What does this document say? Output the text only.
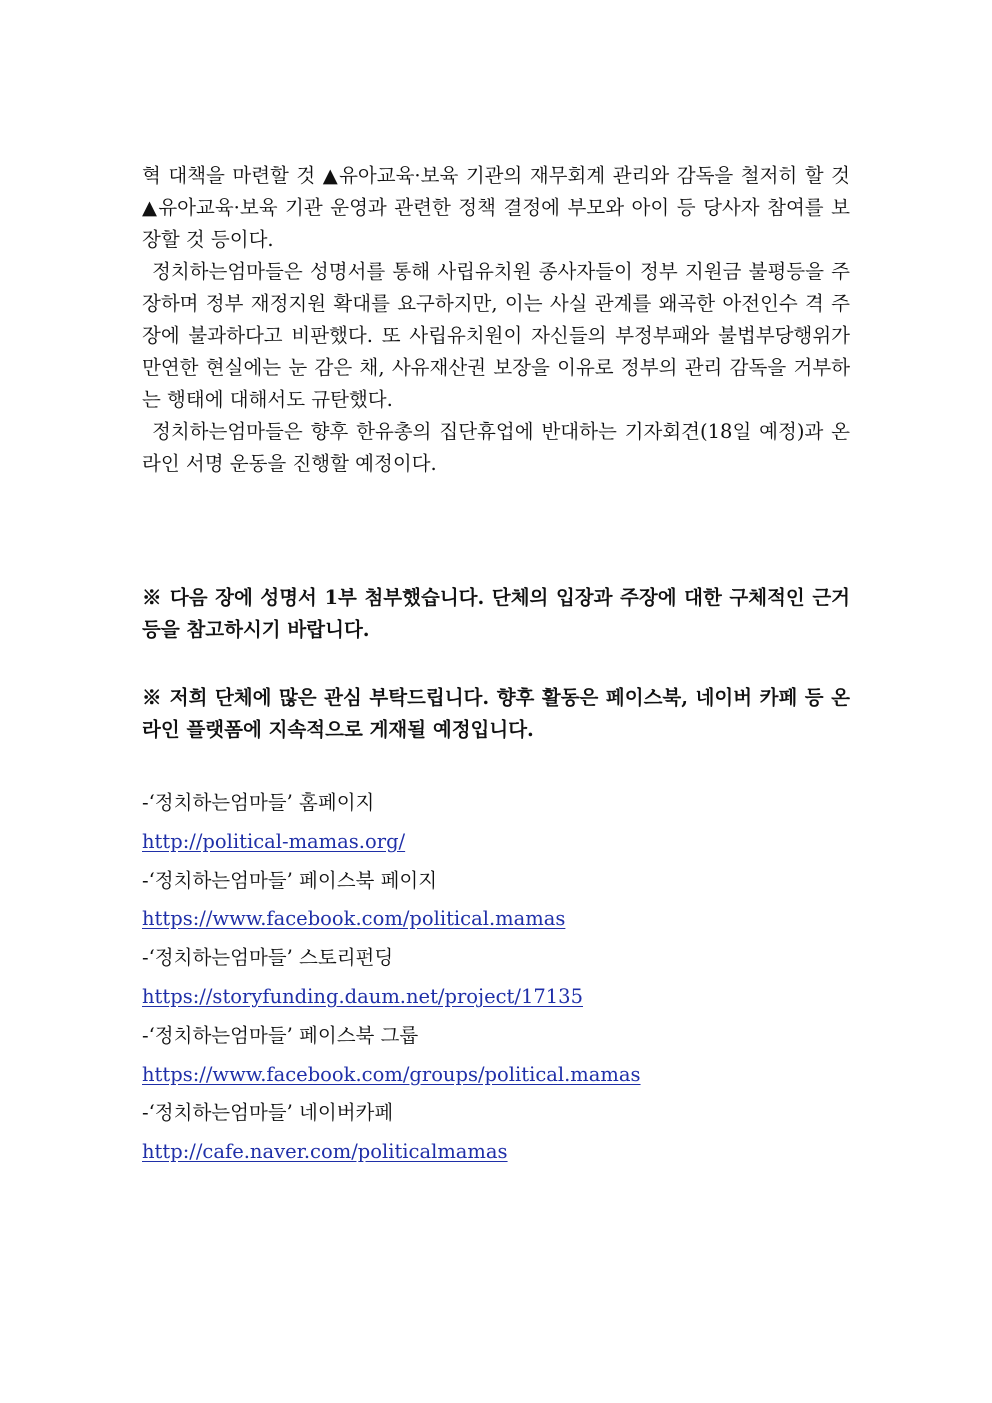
혁 대책을 마련할 것 ▲유아교육·보육 기관의 재무회계 관리와 감독을 철저히 할 것 ▲유아교육·보육 기관 운영과 관련한 정책 결정에 부모와 아이 등 당사자 참여를 보장할 것 등이다.

정치하는엄마들은 성명서를 통해 사립유치원 종사자들이 정부 지원금 불평등을 주장하며 정부 재정지원 확대를 요구하지만, 이는 사실 관계를 왜곡한 아전인수 격 주장에 불과하다고 비판했다. 또 사립유치원이 자신들의 부정부패와 불법부당행위가 만연한 현실에는 눈 감은 채, 사유재산권 보장을 이유로 정부의 관리 감독을 거부하는 행태에 대해서도 규탄했다.

정치하는엄마들은 향후 한유총의 집단휴업에 반대하는 기자회견(18일 예정)과 온라인 서명 운동을 진행할 예정이다.

※ 다음 장에 성명서 1부 첨부했습니다. 단체의 입장과 주장에 대한 구체적인 근거 등을 참고하시기 바랍니다.

※ 저희 단체에 많은 관심 부탁드립니다. 향후 활동은 페이스북, 네이버 카페 등 온라인 플랫폼에 지속적으로 게재될 예정입니다.

-‘정치하는엄마들’ 홈페이지

http://political-mamas.org/

-‘정치하는엄마들’ 페이스북 페이지

https://www.facebook.com/political.mamas

-‘정치하는엄마들’ 스토리펀딩

https://storyfunding.daum.net/project/17135

-‘정치하는엄마들’ 페이스북 그룹

https://www.facebook.com/groups/political.mamas

-‘정치하는엄마들’ 네이버카페

http://cafe.naver.com/politicalmamas
